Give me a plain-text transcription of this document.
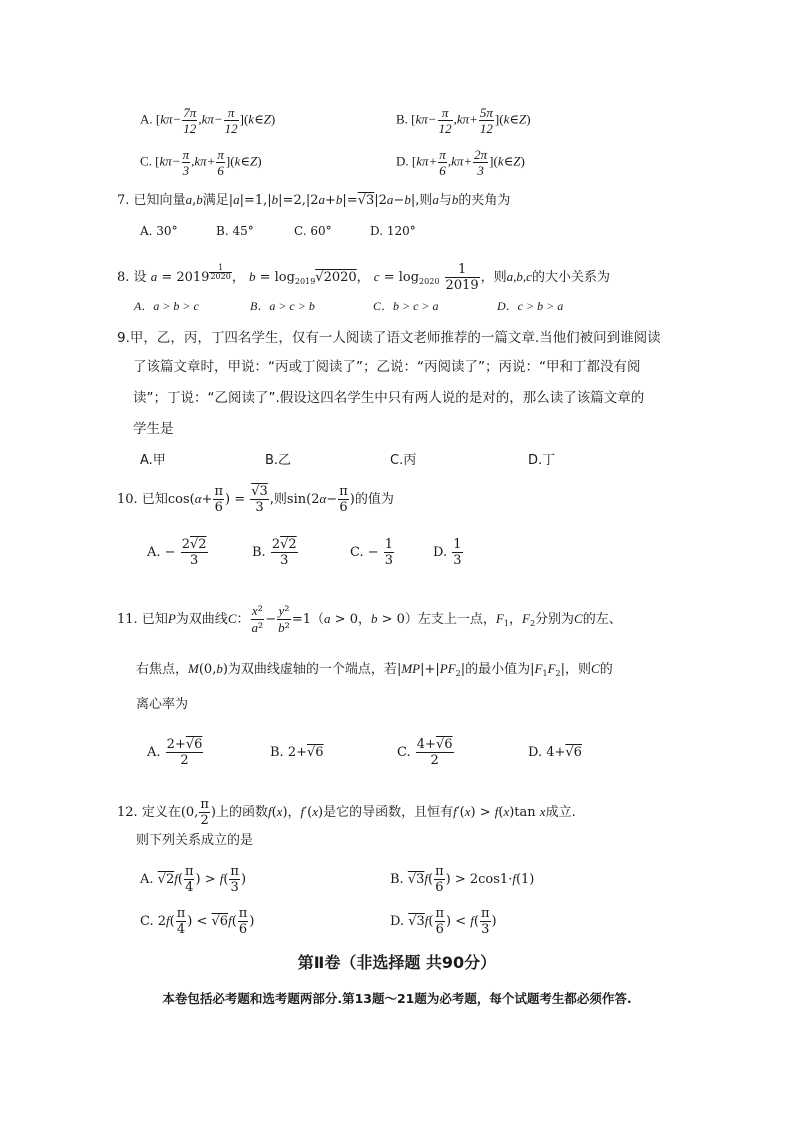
A. [$k\pi- \frac{7\pi}{12} ,k\pi- \frac{\pi}{12}$ ](k∈Z)	B. [$k\pi- \frac{\pi}{12} ,k\pi+ \frac{5\pi}{12}$ ](k∈Z)
C. [$k\pi- \frac{\pi}{3} ,k\pi+ \frac{\pi}{6}$ ](k∈Z)	D. [$k\pi+ \frac{\pi}{6} ,k\pi+ \frac{2\pi}{3}$ ](k∈Z)
7. 已知向量a,b满足|a|=1,|b|=2,|2a+b|=√3|2a−b|,则a与b的夹角为
A. 30°	B. 45°	C. 60°	D. 120°
8. 设 a = 2019 $^{\frac{1}{2020}}$ ， $b = \log_{2019}√2020$， $c = \log_{2020} \frac{1}{2019}$ ，则a,b,c的大小关系为
A．a > b > c	B．a > c > b	C．b > c > a	D．c > b > a
9.甲，乙，丙，丁四名学生，仅有一人阅读了语文老师推荐的一篇文章.当他们被问到谁阅读
了该篇文章时，甲说：“丙或丁阅读了”；乙说：“丙阅读了”；丙说：“甲和丁都没有阅
读”；丁说：“乙阅读了”.假设这四名学生中只有两人说的是对的，那么读了该篇文章的
学生是
A.甲	B.乙	C.丙	D.丁
10. 已知$\cos(\alpha+ \frac{\pi}{6}$ ) = $\frac{√3}{3}$ ,则$\sin(2\alpha- \frac{\pi}{6}$ )的值为
A. − $\frac{2√2}{3}$	B. $\frac{2√2}{3}$	C. − $\frac{1}{3}$	D. $\frac{1}{3}$
11. 已知P为双曲线C： $\frac{\text{x²}}{\text{a²}} - \frac{\text{y²}}{\text{b²}} =1(a > 0$，b > 0）左支上一点，$F_1$，$F_2$分别为C的左、
右焦点，M(0,b)为双曲线虚轴的一个端点，若$|MP|+|PF_2|$的最小值为$|F_1F_2|$，则C的
离心率为
A. $\frac{2+√6}{2}$	B. 2+√6	C. $\frac{4+√6}{2}$	D. 4+√6
12. 定义在(0, $\frac{\pi}{2}$ )上的函数f(x)，f′(x)是它的导函数，且恒有f′(x) > f(x)tan x成立.
则下列关系成立的是
A. $√2f( \frac{\pi}{4}$ ) > $f( \frac{\pi}{3}$ )	B. $√3f( \frac{\pi}{6}$ ) > 2cos1·f(1)
C. $2f( \frac{\pi}{4}$ ) < $√6f( \frac{\pi}{6}$ )	D. $√3f( \frac{\pi}{6}$ ) < $f( \frac{\pi}{3}$ )
第Ⅱ卷（非选择题 共90分）
本卷包括必考题和选考题两部分.第13题～21题为必考题，每个试题考生都必须作答.
